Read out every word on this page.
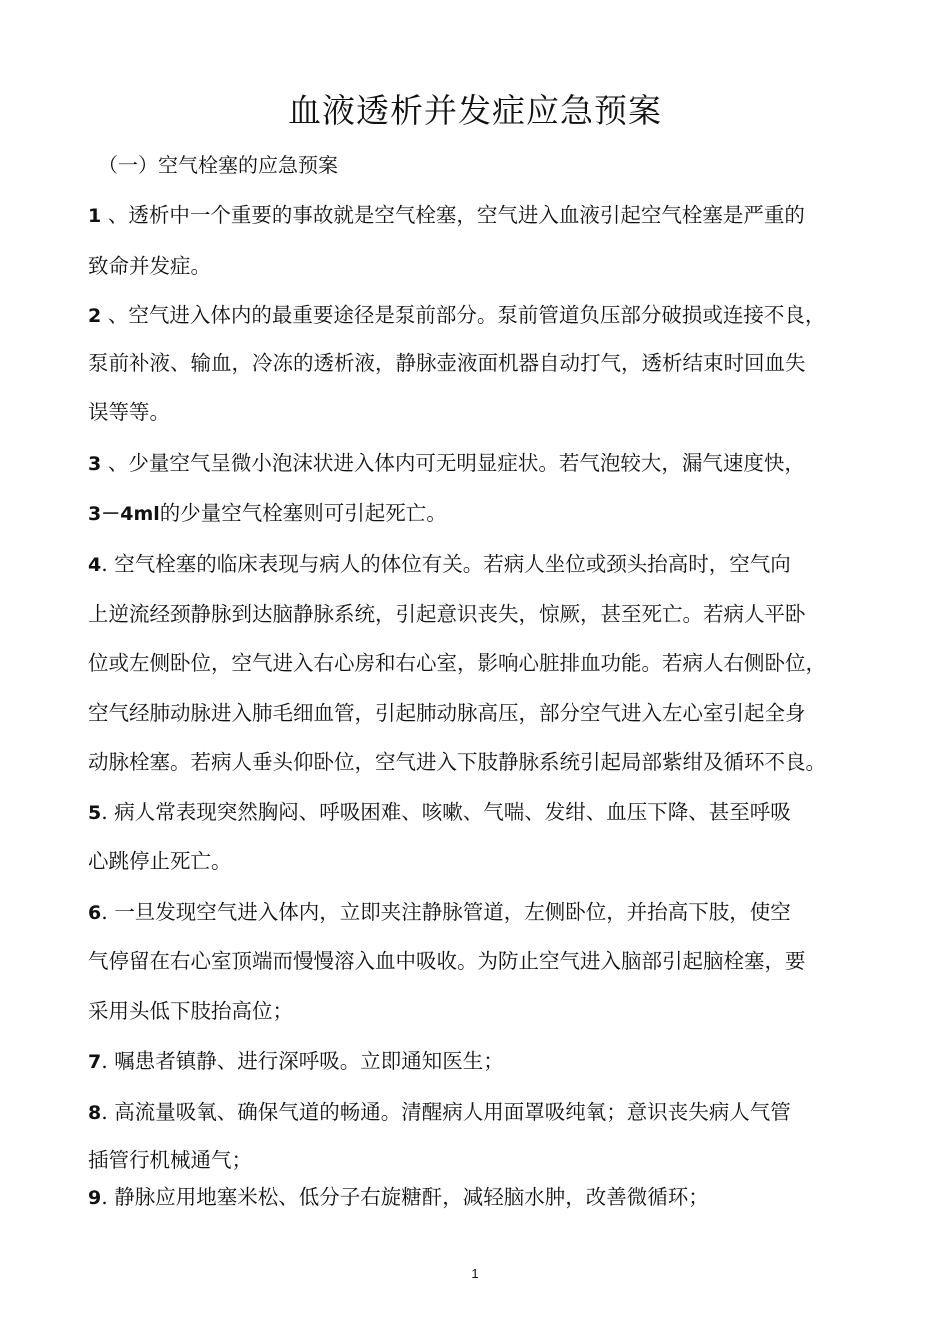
血液透析并发症应急预案
（一）空气栓塞的应急预案
1 、透析中一个重要的事故就是空气栓塞，空气进入血液引起空气栓塞是严重的
致命并发症。
2 、空气进入体内的最重要途径是泵前部分。泵前管道负压部分破损或连接不良，
泵前补液、输血，冷冻的透析液，静脉壶液面机器自动打气，透析结束时回血失
误等等。
3 、少量空气呈微小泡沫状进入体内可无明显症状。若气泡较大，漏气速度快，
3－4ml的少量空气栓塞则可引起死亡。
4. 空气栓塞的临床表现与病人的体位有关。若病人坐位或颈头抬高时，空气向
上逆流经颈静脉到达脑静脉系统，引起意识丧失，惊厥，甚至死亡。若病人平卧
位或左侧卧位，空气进入右心房和右心室，影响心脏排血功能。若病人右侧卧位，
空气经肺动脉进入肺毛细血管，引起肺动脉高压，部分空气进入左心室引起全身
动脉栓塞。若病人垂头仰卧位，空气进入下肢静脉系统引起局部紫绀及循环不良。
5. 病人常表现突然胸闷、呼吸困难、咳嗽、气喘、发绀、血压下降、甚至呼吸
心跳停止死亡。
6. 一旦发现空气进入体内，立即夹注静脉管道，左侧卧位，并抬高下肢，使空
气停留在右心室顶端而慢慢溶入血中吸收。为防止空气进入脑部引起脑栓塞，要
采用头低下肢抬高位；
7. 嘱患者镇静、进行深呼吸。立即通知医生；
8. 高流量吸氧、确保气道的畅通。清醒病人用面罩吸纯氧；意识丧失病人气管
插管行机械通气；
9. 静脉应用地塞米松、低分子右旋糖酐，减轻脑水肿，改善微循环；
1
